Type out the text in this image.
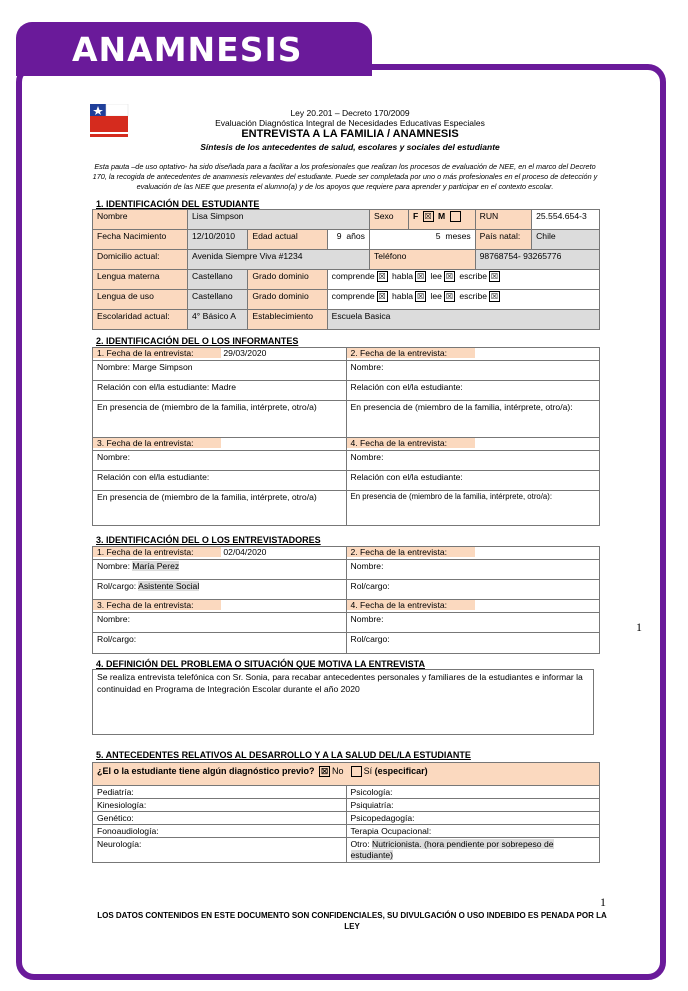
ANAMNESIS
Ley 20.201 – Decreto 170/2009
Evaluación Diagnóstica Integral de Necesidades Educativas Especiales
ENTREVISTA A LA FAMILIA / ANAMNESIS
Síntesis de los antecedentes de salud, escolares y sociales del estudiante
Esta pauta –de uso optativo- ha sido diseñada para a facilitar a los profesionales que realizan los procesos de evaluación de NEE, en el marco del Decreto 170, la recogida de antecedentes de anamnesis relevantes del estudiante. Puede ser completada por uno o más profesionales en el proceso de detección y evaluación de las NEE que presenta el alumno(a) y de los apoyos que requiere para aprender y participar en el contexto escolar.
1. IDENTIFICACIÓN DEL ESTUDIANTE
Nombre	Lisa Simpson			Sexo	F ☒ M	RUN	25.554.654-3
Fecha Nacimiento	12/10/2010	Edad actual	9 años	5 meses		País natal:	Chile
Domicilio actual:	Avenida Siempre Viva #1234			Teléfono		98768754- 93265776	
Lengua materna	Castellano	Grado dominio	comprende ☒ habla ☒ lee ☒ escribe ☒				
Lengua de uso	Castellano	Grado dominio	comprende ☒ habla ☒ lee ☒ escribe ☒				
Escolaridad actual:	4° Básico A	Establecimiento	Escuela Basica				
2. IDENTIFICACIÓN DEL O LOS INFORMANTES
1. Fecha de la entrevista: 29/03/2020	2. Fecha de la entrevista:
Nombre: Marge Simpson	Nombre:
Relación con el/la estudiante: Madre	Relación con el/la estudiante:
En presencia de (miembro de la familia, intérprete, otro/a)	En presencia de (miembro de la familia, intérprete, otro/a):
3. Fecha de la entrevista:	4. Fecha de la entrevista:
Nombre:	Nombre:
Relación con el/la estudiante:	Relación con el/la estudiante:
En presencia de (miembro de la familia, intérprete, otro/a)	En presencia de (miembro de la familia, intérprete, otro/a):
3. IDENTIFICACIÓN DEL O LOS ENTREVISTADORES
1. Fecha de la entrevista: 02/04/2020	2. Fecha de la entrevista:
Nombre: María Perez	Nombre:
Rol/cargo: Asistente Social	Rol/cargo:
3. Fecha de la entrevista:	4. Fecha de la entrevista:
Nombre:	Nombre:
Rol/cargo:	Rol/cargo:
1
4. DEFINICIÓN DEL PROBLEMA O SITUACIÓN QUE MOTIVA LA ENTREVISTA
Se realiza entrevista telefónica con Sr. Sonia, para recabar antecedentes personales y familiares de la estudiantes e informar la continuidad en Programa de Integración Escolar durante el año 2020
5. ANTECEDENTES RELATIVOS AL DESARROLLO Y A LA SALUD DEL/LA ESTUDIANTE
¿El o la estudiante tiene algún diagnóstico previo? ☒ No Sí (especificar)	
Pediatría:	Psicología:
Kinesiología:	Psiquiatría:
Genético:	Psicopedagogía:
Fonoaudiología:	Terapia Ocupacional:
Neurología:	Otro: Nutricionista. (hora pendiente por sobrepeso de estudiante)
1
LOS DATOS CONTENIDOS EN ESTE DOCUMENTO SON CONFIDENCIALES, SU DIVULGACIÓN O USO INDEBIDO ES PENADA POR LA LEY
